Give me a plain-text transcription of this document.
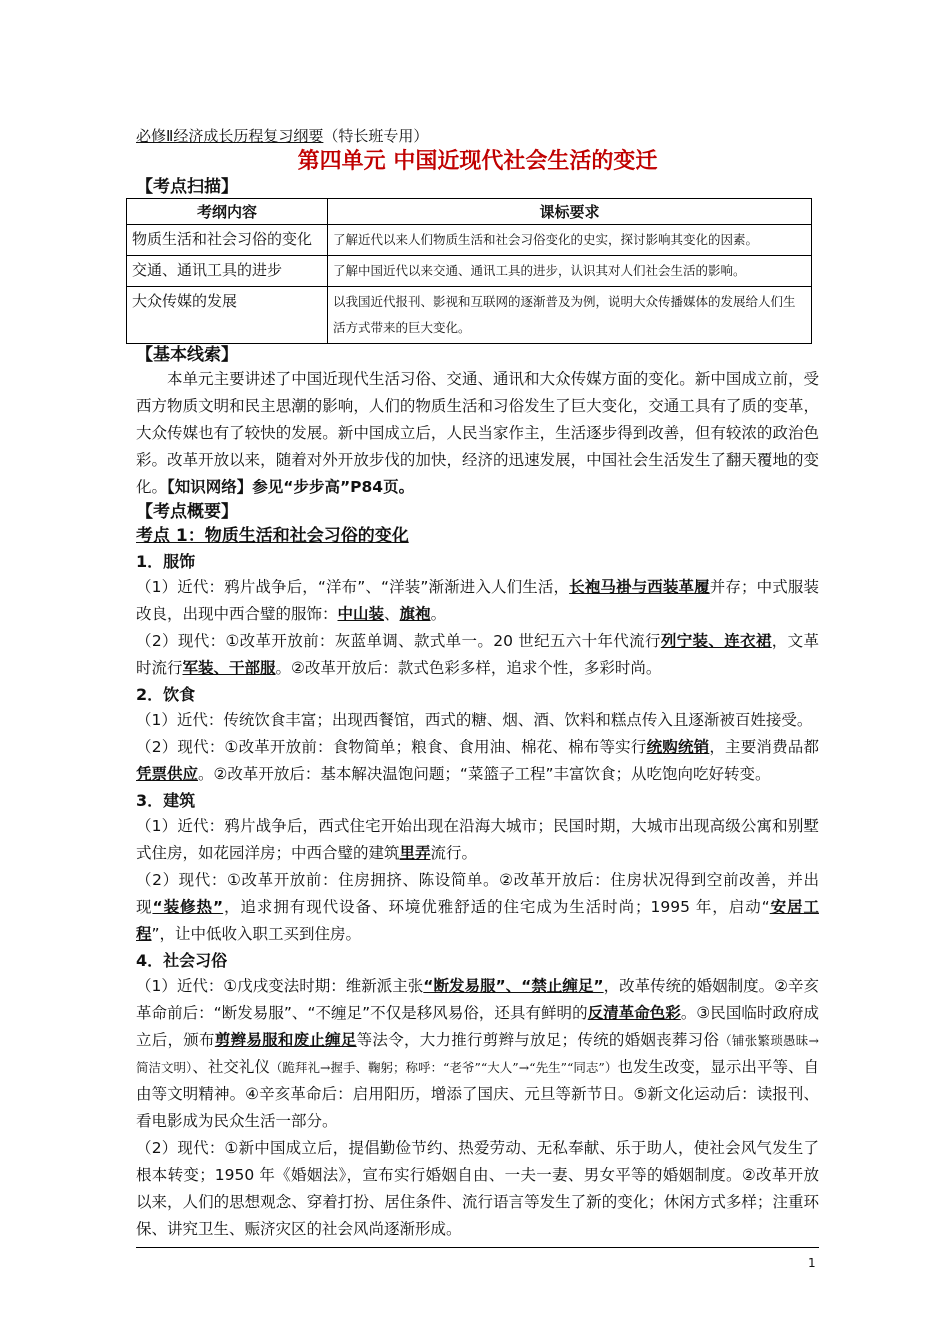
必修Ⅱ经济成长历程复习纲要（特长班专用）
第四单元 中国近现代社会生活的变迁
【考点扫描】
考纲内容	课标要求
物质生活和社会习俗的变化	了解近代以来人们物质生活和社会习俗变化的史实，探讨影响其变化的因素。
交通、通讯工具的进步	了解中国近代以来交通、通讯工具的进步，认识其对人们社会生活的影响。
大众传媒的发展	以我国近代报刊、影视和互联网的逐渐普及为例，说明大众传播媒体的发展给人们生活方式带来的巨大变化。
【基本线索】

本单元主要讲述了中国近现代生活习俗、交通、通讯和大众传媒方面的变化。新中国成立前，受西方物质文明和民主思潮的影响，人们的物质生活和习俗发生了巨大变化，交通工具有了质的变革，大众传媒也有了较快的发展。新中国成立后，人民当家作主，生活逐步得到改善，但有较浓的政治色彩。改革开放以来，随着对外开放步伐的加快，经济的迅速发展，中国社会生活发生了翻天覆地的变化。【知识网络】参见“步步高”P84页。

【考点概要】
考点 1：物质生活和社会习俗的变化
1．服饰

（1）近代：鸦片战争后，“洋布”、“洋装”渐渐进入人们生活，长袍马褂与西装革履并存；中式服装改良，出现中西合璧的服饰：中山装、旗袍。

（2）现代：①改革开放前：灰蓝单调、款式单一。20 世纪五六十年代流行列宁装、连衣裙，文革时流行军装、干部服。②改革开放后：款式色彩多样，追求个性，多彩时尚。

2．饮食

（1）近代：传统饮食丰富；出现西餐馆，西式的糖、烟、酒、饮料和糕点传入且逐渐被百姓接受。

（2）现代：①改革开放前：食物简单；粮食、食用油、棉花、棉布等实行统购统销，主要消费品都凭票供应。②改革开放后：基本解决温饱问题；“菜篮子工程”丰富饮食；从吃饱向吃好转变。

3．建筑

（1）近代：鸦片战争后，西式住宅开始出现在沿海大城市；民国时期，大城市出现高级公寓和别墅式住房，如花园洋房；中西合璧的建筑里弄流行。

（2）现代：①改革开放前：住房拥挤、陈设简单。②改革开放后：住房状况得到空前改善，并出现“装修热”，追求拥有现代设备、环境优雅舒适的住宅成为生活时尚；1995 年，启动“安居工程”，让中低收入职工买到住房。

4．社会习俗

（1）近代：①戊戌变法时期：维新派主张“断发易服”、“禁止缠足”，改革传统的婚姻制度。②辛亥革命前后：“断发易服”、“不缠足”不仅是移风易俗，还具有鲜明的反清革命色彩。③民国临时政府成立后，颁布剪辫易服和废止缠足等法令，大力推行剪辫与放足；传统的婚姻丧葬习俗（铺张繁琐愚昧→简洁文明）、社交礼仪（跪拜礼→握手、鞠躬；称呼：“老爷”“大人”→“先生”“同志”）也发生改变，显示出平等、自由等文明精神。④辛亥革命后：启用阳历，增添了国庆、元旦等新节日。⑤新文化运动后：读报刊、看电影成为民众生活一部分。

（2）现代：①新中国成立后，提倡勤俭节约、热爱劳动、无私奉献、乐于助人，使社会风气发生了根本转变；1950 年《婚姻法》，宣布实行婚姻自由、一夫一妻、男女平等的婚姻制度。②改革开放以来，人们的思想观念、穿着打扮、居住条件、流行语言等发生了新的变化；休闲方式多样；注重环保、讲究卫生、赈济灾区的社会风尚逐渐形成。

1
